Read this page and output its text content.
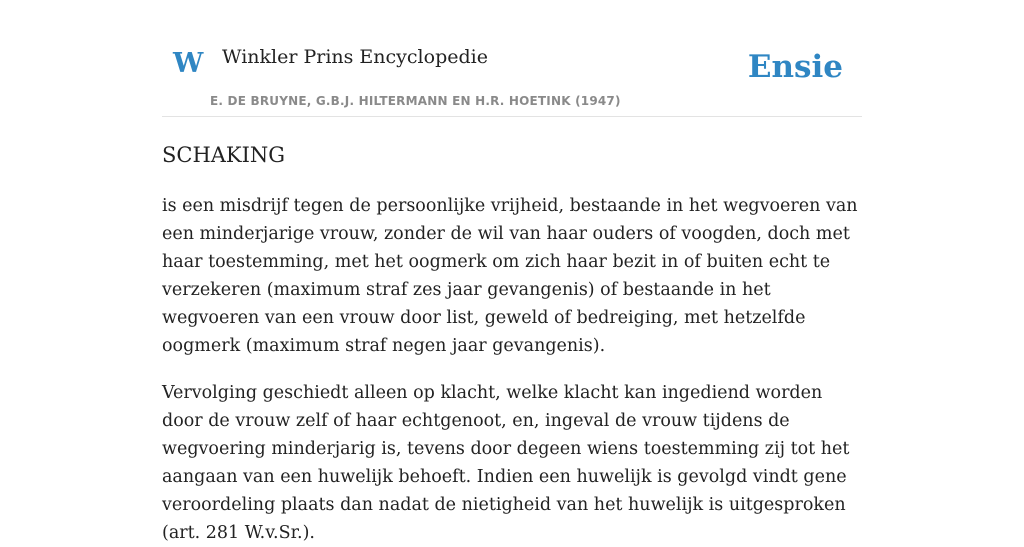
W Winkler Prins Encyclopedie
E. DE BRUYNE, G.B.J. HILTERMANN EN H.R. HOETINK (1947)
Ensie
SCHAKING

is een misdrijf tegen de persoonlijke vrijheid, bestaande in het wegvoeren van een minderjarige vrouw, zonder de wil van haar ouders of voogden, doch met haar toestemming, met het oogmerk om zich haar bezit in of buiten echt te verzekeren (maximum straf zes jaar gevangenis) of bestaande in het wegvoeren van een vrouw door list, geweld of bedreiging, met hetzelfde oogmerk (maximum straf negen jaar gevangenis).

Vervolging geschiedt alleen op klacht, welke klacht kan ingediend worden door de vrouw zelf of haar echtgenoot, en, ingeval de vrouw tijdens de wegvoering minderjarig is, tevens door degeen wiens toestemming zij tot het aangaan van een huwelijk behoeft. Indien een huwelijk is gevolgd vindt gene veroordeling plaats dan nadat de nietigheid van het huwelijk is uitgesproken (art. 281 W.v.Sr.).
